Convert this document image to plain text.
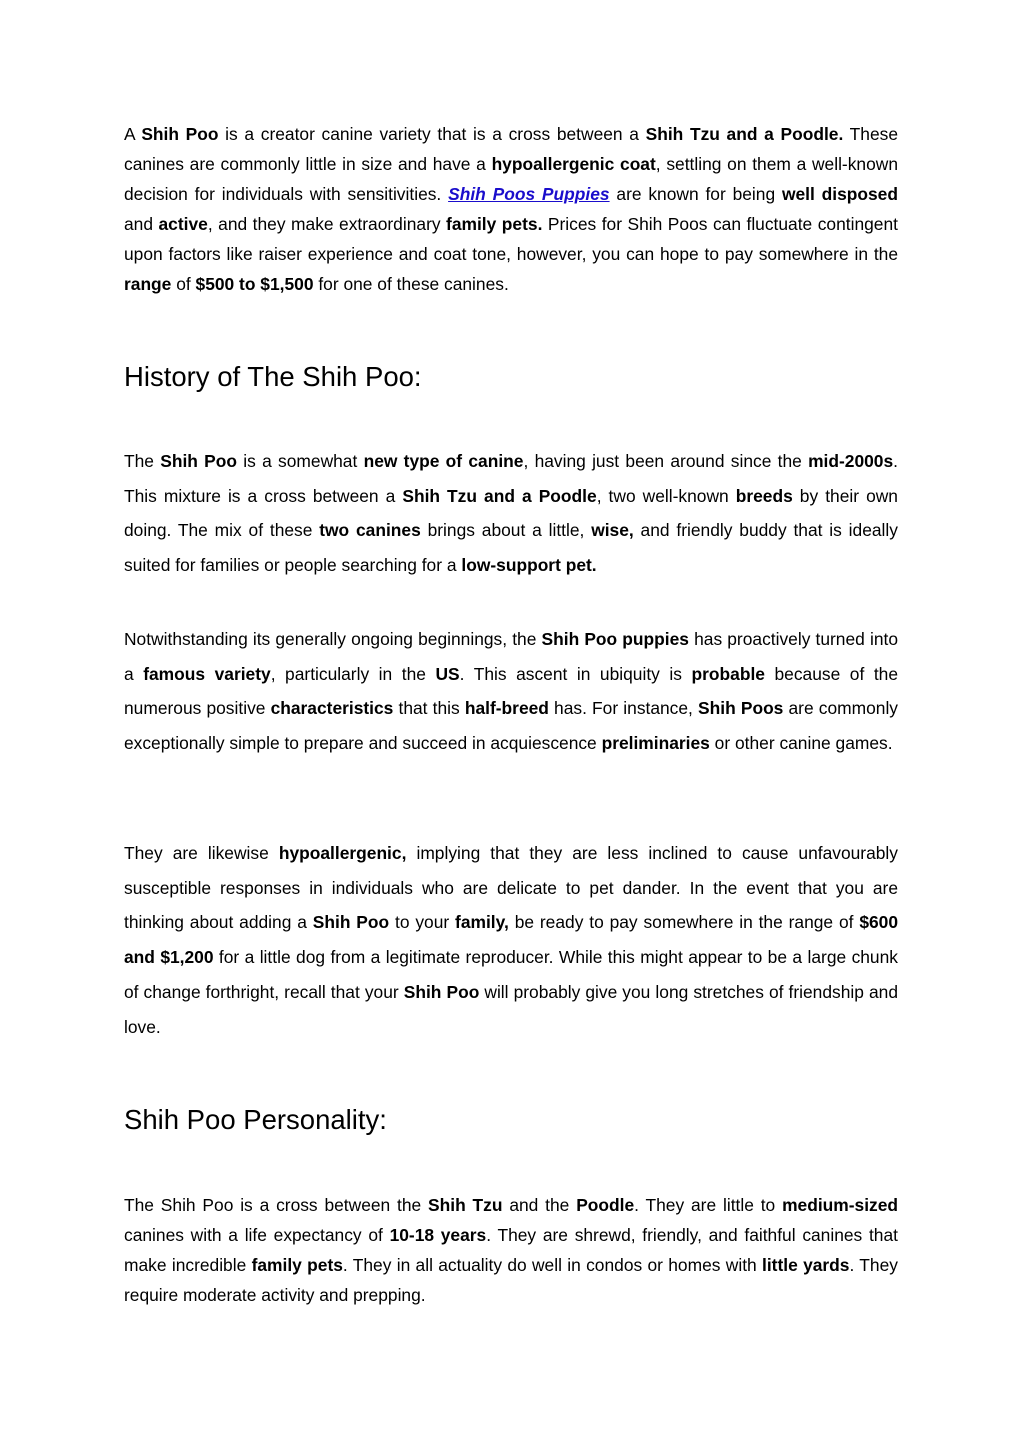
A Shih Poo is a creator canine variety that is a cross between a Shih Tzu and a Poodle. These canines are commonly little in size and have a hypoallergenic coat, settling on them a well-known decision for individuals with sensitivities. Shih Poos Puppies are known for being well disposed and active, and they make extraordinary family pets. Prices for Shih Poos can fluctuate contingent upon factors like raiser experience and coat tone, however, you can hope to pay somewhere in the range of $500 to $1,500 for one of these canines.

History of The Shih Poo:

The Shih Poo is a somewhat new type of canine, having just been around since the mid-2000s. This mixture is a cross between a Shih Tzu and a Poodle, two well-known breeds by their own doing. The mix of these two canines brings about a little, wise, and friendly buddy that is ideally suited for families or people searching for a low-support pet.

Notwithstanding its generally ongoing beginnings, the Shih Poo puppies has proactively turned into a famous variety, particularly in the US. This ascent in ubiquity is probable because of the numerous positive characteristics that this half-breed has. For instance, Shih Poos are commonly exceptionally simple to prepare and succeed in acquiescence preliminaries or other canine games.

They are likewise hypoallergenic, implying that they are less inclined to cause unfavourably susceptible responses in individuals who are delicate to pet dander. In the event that you are thinking about adding a Shih Poo to your family, be ready to pay somewhere in the range of $600 and $1,200 for a little dog from a legitimate reproducer. While this might appear to be a large chunk of change forthright, recall that your Shih Poo will probably give you long stretches of friendship and love.

Shih Poo Personality:

The Shih Poo is a cross between the Shih Tzu and the Poodle. They are little to medium-sized canines with a life expectancy of 10-18 years. They are shrewd, friendly, and faithful canines that make incredible family pets. They in all actuality do well in condos or homes with little yards. They require moderate activity and prepping.
